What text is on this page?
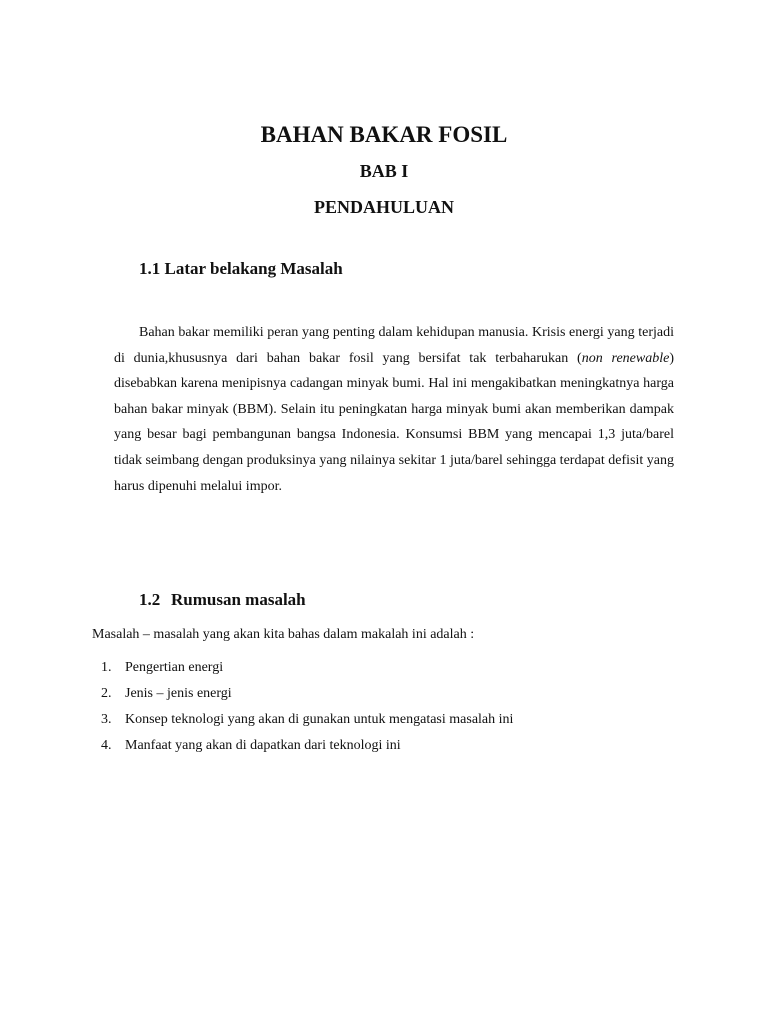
BAHAN BAKAR FOSIL
BAB I
PENDAHULUAN
1.1 Latar belakang Masalah

Bahan bakar memiliki peran yang penting dalam kehidupan manusia. Krisis energi yang terjadi di dunia,khususnya dari bahan bakar fosil yang bersifat tak terbaharukan (non renewable) disebabkan karena menipisnya cadangan minyak bumi. Hal ini mengakibatkan meningkatnya harga bahan bakar minyak (BBM). Selain itu peningkatan harga minyak bumi akan memberikan dampak yang besar bagi pembangunan bangsa Indonesia. Konsumsi BBM yang mencapai 1,3 juta/barel tidak seimbang dengan produksinya yang nilainya sekitar 1 juta/barel sehingga terdapat defisit yang harus dipenuhi melalui impor.

1.2 Rumusan masalah

Masalah – masalah yang akan kita bahas dalam makalah ini adalah :

1. Pengertian energi
2. Jenis – jenis energi
3. Konsep teknologi yang akan di gunakan untuk mengatasi masalah ini
4. Manfaat yang akan di dapatkan dari teknologi ini
